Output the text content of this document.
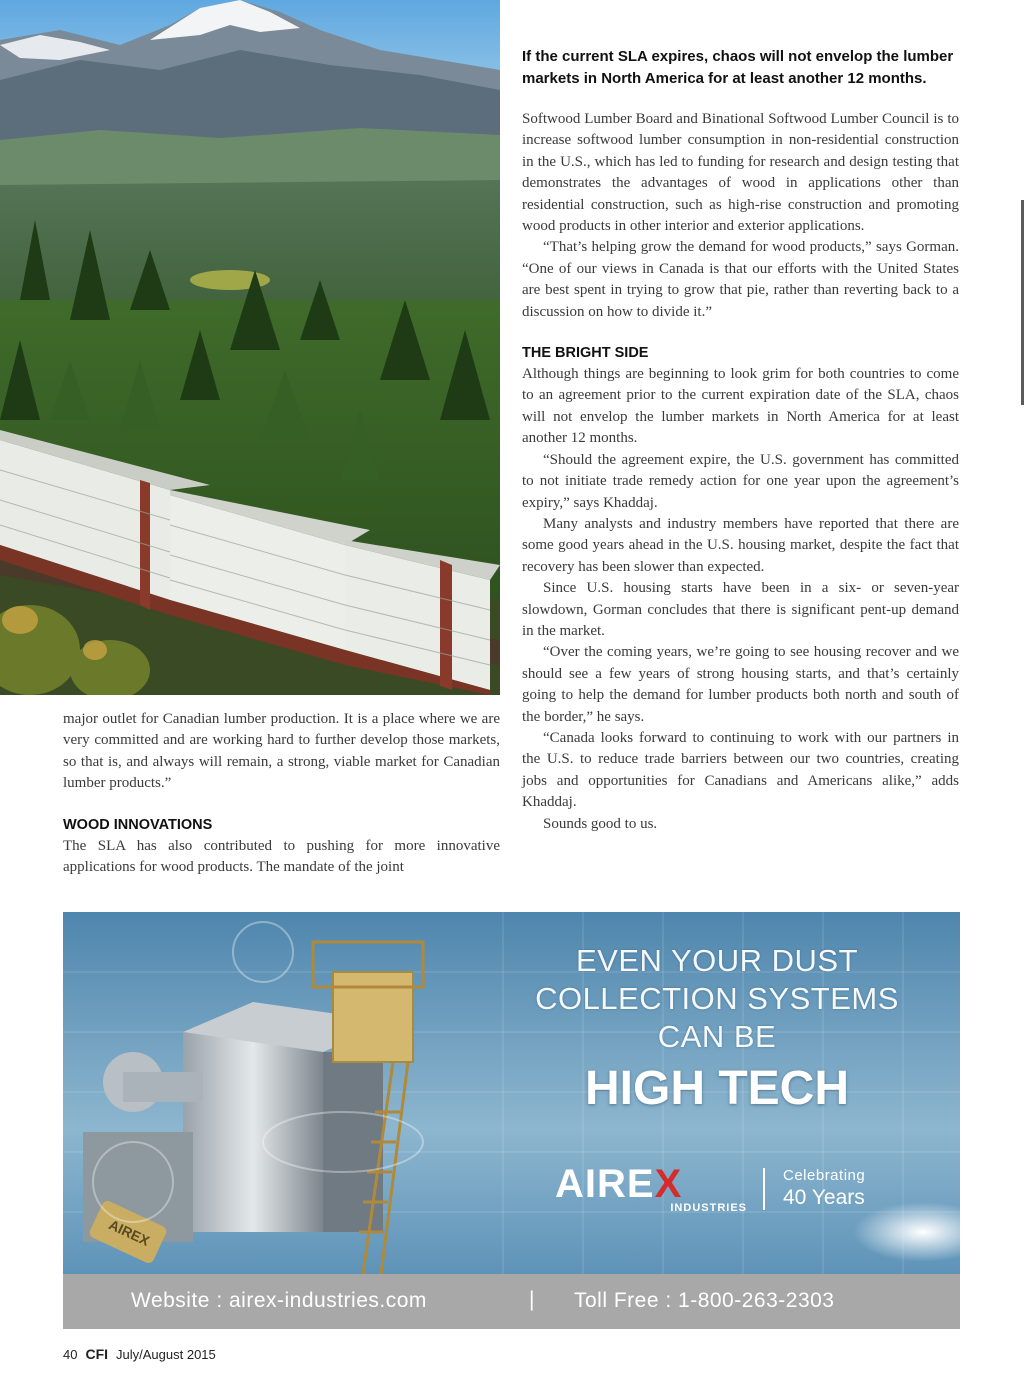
If the current SLA expires, chaos will not envelop the lumber markets in North America for at least another 12 months.

Softwood Lumber Board and Binational Softwood Lumber Council is to increase softwood lumber consumption in non-residential construction in the U.S., which has led to funding for research and design testing that demonstrates the advantages of wood in applications other than residential construction, such as high-rise construction and promoting wood products in other interior and exterior applications.

“That’s helping grow the demand for wood products,” says Gorman. “One of our views in Canada is that our efforts with the United States are best spent in trying to grow that pie, rather than reverting back to a discussion on how to divide it.”

THE BRIGHT SIDE

Although things are beginning to look grim for both countries to come to an agreement prior to the current expiration date of the SLA, chaos will not envelop the lumber markets in North America for at least another 12 months.

“Should the agreement expire, the U.S. government has committed to not initiate trade remedy action for one year upon the agreement’s expiry,” says Khaddaj.

Many analysts and industry members have reported that there are some good years ahead in the U.S. housing market, despite the fact that recovery has been slower than expected.

Since U.S. housing starts have been in a six- or seven-year slowdown, Gorman concludes that there is significant pent-up demand in the market.

“Over the coming years, we’re going to see housing recover and we should see a few years of strong housing starts, and that’s certainly going to help the demand for lumber products both north and south of the border,” he says.

“Canada looks forward to continuing to work with our partners in the U.S. to reduce trade barriers between our two countries, creating jobs and opportunities for Canadians and Americans alike,” adds Khaddaj.

Sounds good to us.

major outlet for Canadian lumber production. It is a place where we are very committed and are working hard to further develop those markets, so that is, and always will remain, a strong, viable market for Canadian lumber products.”

WOOD INNOVATIONS

The SLA has also contributed to pushing for more innovative applications for wood products. The mandate of the joint

AIREX
EVEN YOUR DUST
COLLECTION SYSTEMS
CAN BE
HIGH TECH
AIREX
INDUSTRIES
Celebrating
40 Years
Website : airex-industries.com	| Toll Free : 1-800-263-2303
40 CFI July/August 2015
